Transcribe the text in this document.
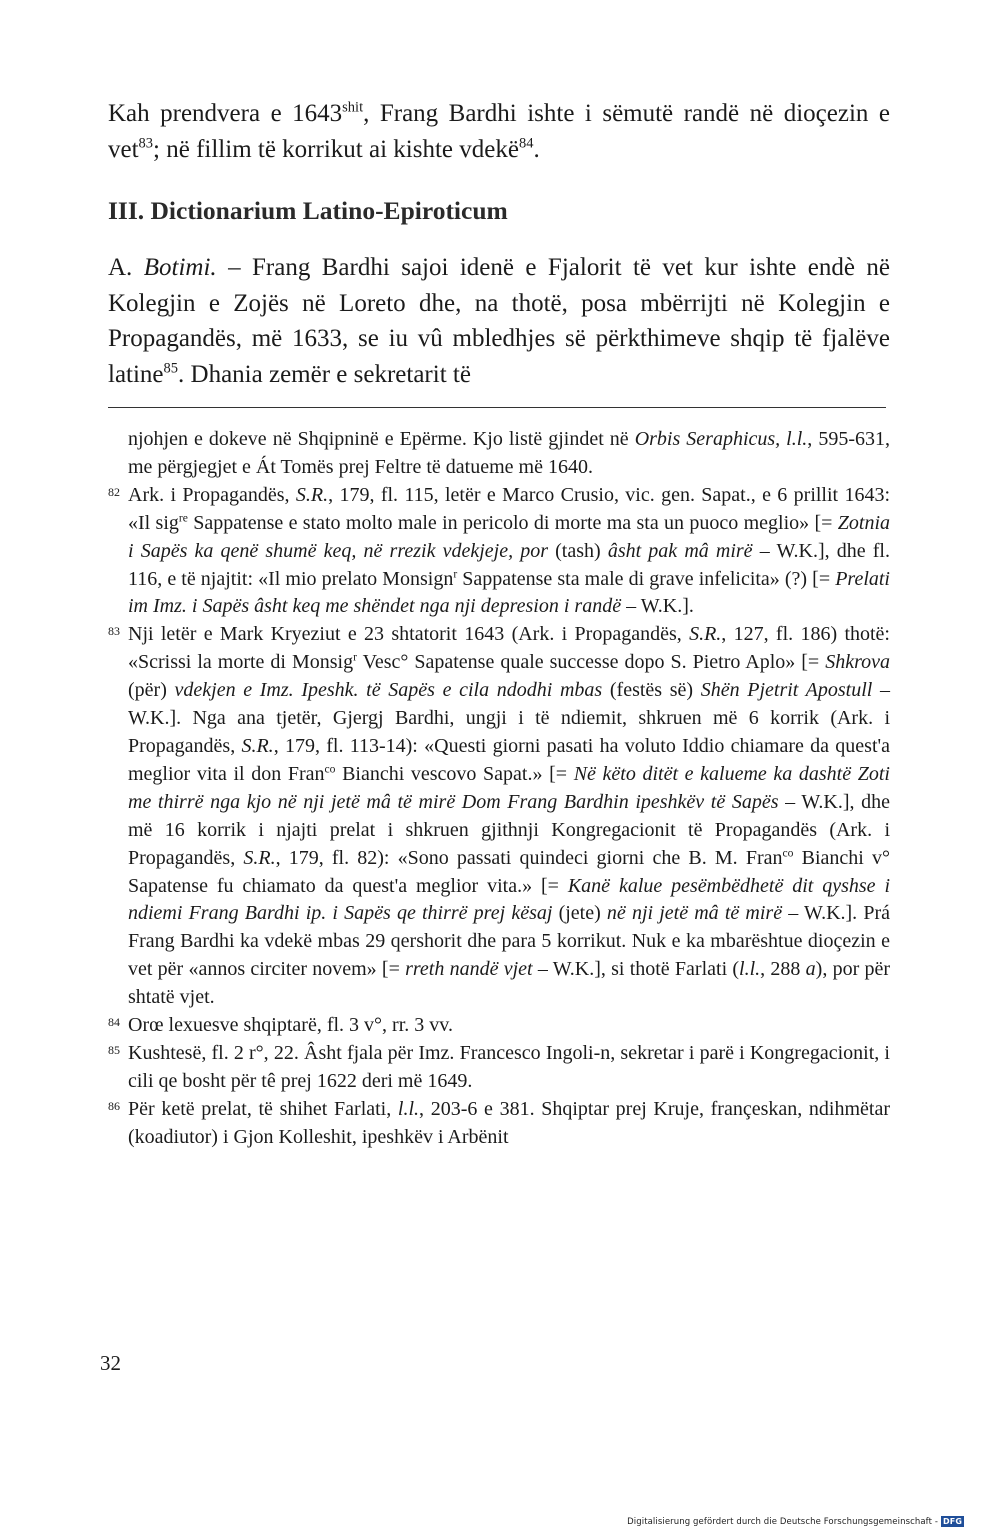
Kah prendvera e $1643^{shit}$, Frang Bardhi ishte i sëmutë randë në dioçezin e vet$^{83}$; në fillim të korrikut ai kishte vdekë$^{84}$.

III. Dictionarium Latino-Epiroticum

A. Botimi. – Frang Bardhi sajoi idenë e Fjalorit të vet kur ishte endè në Kolegjin e Zojës në Loreto dhe, na thotë, posa mbërrijti në Kolegjin e Propagandës, më 1633, se iu vû mbledhjes së përkthimeve shqip të fjalëve latine$^{85}$. Dhania zemër e sekretarit të

njohjen e dokeve në Shqipninë e Epërme. Kjo listë gjindet në Orbis Seraphicus, l.l., 595-631, me përgjegjet e Át Tomës prej Feltre të datueme më 1640.

82 Ark. i Propagandës, S.R., 179, fl. 115, letër e Marco Crusio, vic. gen. Sapat., e 6 prillit 1643: «Il sig$^{re}$ Sappatense e stato molto male in pericolo di morte ma sta un puoco meglio» [= Zotnia i Sapës ka qenë shumë keq, në rrezik vdekjeje, por (tash) âsht pak mâ mirë – W.K.], dhe fl. 116, e të njajtit: «Il mio prelato Monsign$^r$ Sappatense sta male di grave infelicita» (?) [= Prelati im Imz. i Sapës âsht keq me shëndet nga nji depresion i randë – W.K.].

83 Nji letër e Mark Kryeziut e 23 shtatorit 1643 (Ark. i Propagandës, S.R., 127, fl. 186) thotë: «Scrissi la morte di Monsig$^r$ Vesc° Sapatense quale successe dopo S. Pietro Aplo» [= Shkrova (për) vdekjen e Imz. Ipeshk. të Sapës e cila ndodhi mbas (festës së) Shën Pjetrit Apostull – W.K.]. Nga ana tjetër, Gjergj Bardhi, ungji i të ndiemit, shkruen më 6 korrik (Ark. i Propagandës, S.R., 179, fl. 113-14): «Questi giorni pasati ha voluto Iddio chiamare da quest'a meglior vita il don Fran$^{co}$ Bianchi vescovo Sapat.» [= Në këto ditët e kalueme ka dashtë Zoti me thirrë nga kjo në nji jetë mâ të mirë Dom Frang Bardhin ipeshkëv të Sapës – W.K.], dhe më 16 korrik i njajti prelat i shkruen gjithnji Kongregacionit të Propagandës (Ark. i Propagandës, S.R., 179, fl. 82): «Sono passati quindeci giorni che B. M. Fran$^{co}$ Bianchi v° Sapatense fu chiamato da quest'a meglior vita.» [= Kanë kalue pesëmbëdhetë dit qyshse i ndiemi Frang Bardhi ip. i Sapës qe thirrë prej kësaj (jete) në nji jetë mâ të mirë – W.K.]. Prá Frang Bardhi ka vdekë mbas 29 qershorit dhe para 5 korrikut. Nuk e ka mbarështue dioçezin e vet për «annos circiter novem» [= rreth nandë vjet – W.K.], si thotë Farlati (l.l., 288 a), por për shtatë vjet.

84 Orœ lexuesve shqiptarë, fl. 3 v°, rr. 3 vv.

85 Kushtesë, fl. 2 r°, 22. Âsht fjala për Imz. Francesco Ingoli-n, sekretar i parë i Kongregacionit, i cili qe bosht për tê prej 1622 deri më 1649.

86 Për ketë prelat, të shihet Farlati, l.l., 203-6 e 381. Shqiptar prej Kruje, françeskan, ndihmëtar (koadiutor) i Gjon Kolleshit, ipeshkëv i Arbënit

32
Digitalisierung gefördert durch die Deutsche Forschungsgemeinschaft - DFG
